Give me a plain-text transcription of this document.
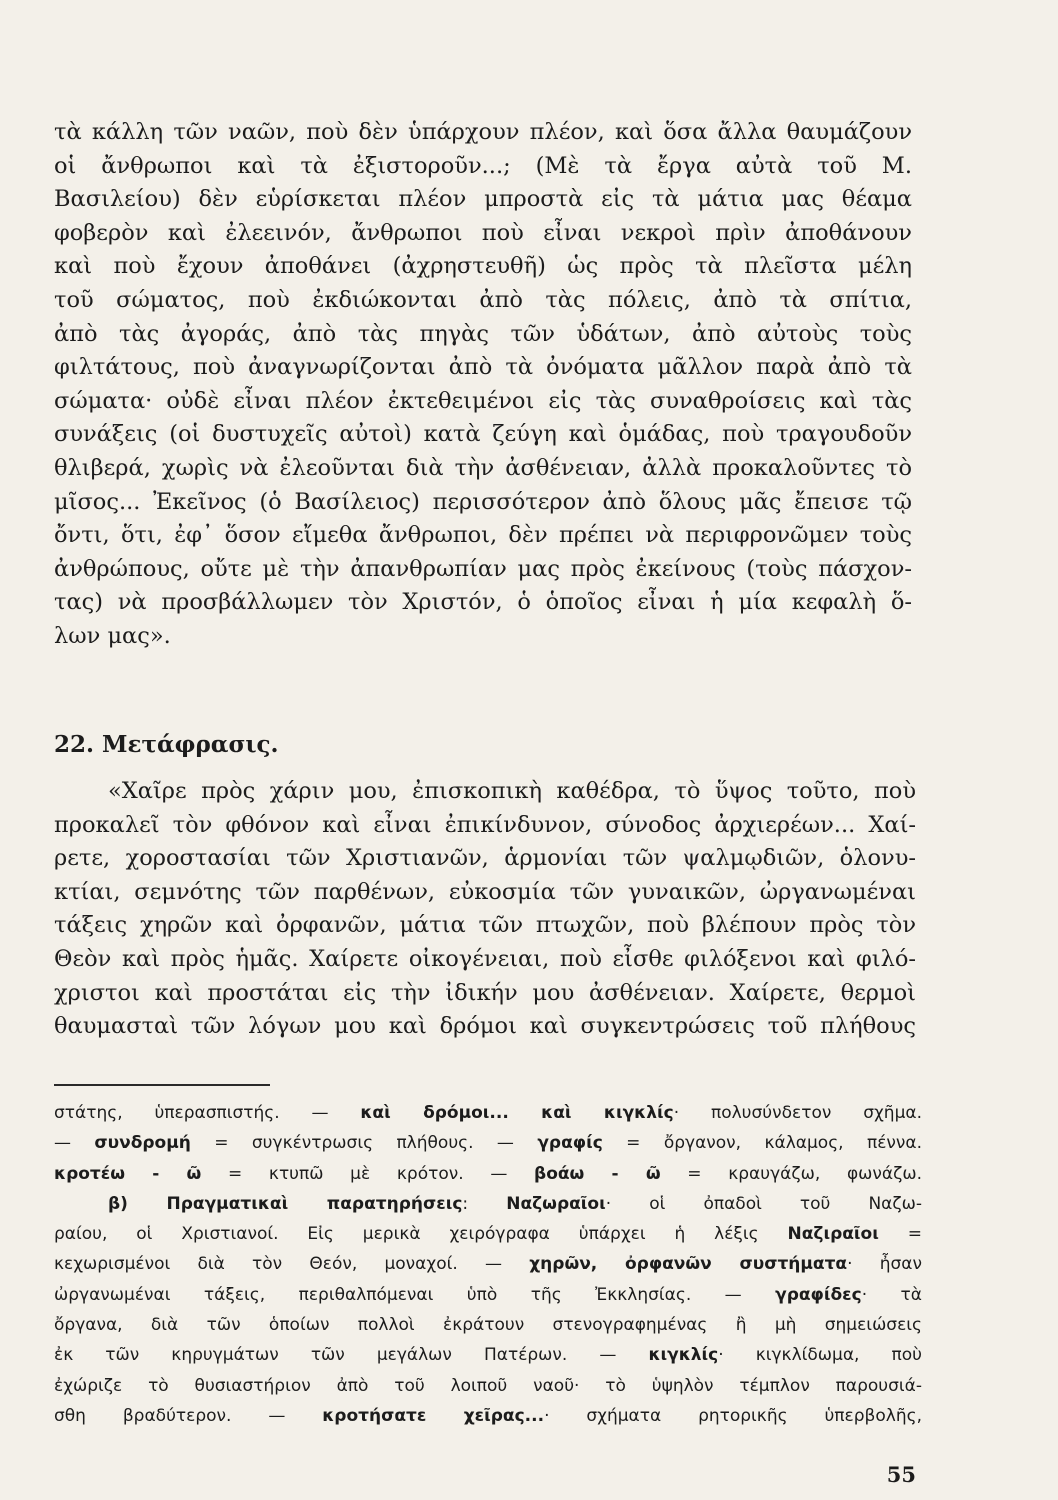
τὰ κάλλη τῶν ναῶν, ποὺ δὲν ὑπάρχουν πλέον, καὶ ὅσα ἄλλα θαυμάζουν
οἱ ἄνθρωποι καὶ τὰ ἐξιστοροῦν...; (Μὲ τὰ ἔργα αὐτὰ τοῦ Μ.
Βασιλείου) δὲν εὑρίσκεται πλέον μπροστὰ εἰς τὰ μάτια μας θέαμα
φοβερὸν καὶ ἐλεεινόν, ἄνθρωποι ποὺ εἶναι νεκροὶ πρὶν ἀποθάνουν
καὶ ποὺ ἔχουν ἀποθάνει (ἀχρηστευθῆ) ὡς πρὸς τὰ πλεῖστα μέλη
τοῦ σώματος, ποὺ ἐκδιώκονται ἀπὸ τὰς πόλεις, ἀπὸ τὰ σπίτια,
ἀπὸ τὰς ἀγοράς, ἀπὸ τὰς πηγὰς τῶν ὑδάτων, ἀπὸ αὐτοὺς τοὺς
φιλτάτους, ποὺ ἀναγνωρίζονται ἀπὸ τὰ ὀνόματα μᾶλλον παρὰ ἀπὸ τὰ
σώματα· οὐδὲ εἶναι πλέον ἐκτεθειμένοι εἰς τὰς συναθροίσεις καὶ τὰς
συνάξεις (οἱ δυστυχεῖς αὐτοὶ) κατὰ ζεύγη καὶ ὁμάδας, ποὺ τραγουδοῦν
θλιβερά, χωρὶς νὰ ἐλεοῦνται διὰ τὴν ἀσθένειαν, ἀλλὰ προκαλοῦντες τὸ
μῖσος... Ἐκεῖνος (ὁ Βασίλειος) περισσότερον ἀπὸ ὅλους μᾶς ἔπεισε τῷ
ὄντι, ὅτι, ἐφ᾽ ὅσον εἴμεθα ἄνθρωποι, δὲν πρέπει νὰ περιφρονῶμεν τοὺς
ἀνθρώπους, οὔτε μὲ τὴν ἀπανθρωπίαν μας πρὸς ἐκείνους (τοὺς πάσχον-
τας) νὰ προσβάλλωμεν τὸν Χριστόν, ὁ ὁποῖος εἶναι ἡ μία κεφαλὴ ὅ-
λων μας».
22. Μετάφρασις.
«Χαῖρε πρὸς χάριν μου, ἐπισκοπικὴ καθέδρα, τὸ ὕψος τοῦτο, ποὺ
προκαλεῖ τὸν φθόνον καὶ εἶναι ἐπικίνδυνον, σύνοδος ἀρχιερέων... Χαί-
ρετε, χοροστασίαι τῶν Χριστιανῶν, ἁρμονίαι τῶν ψαλμῳδιῶν, ὁλονυ-
κτίαι, σεμνότης τῶν παρθένων, εὐκοσμία τῶν γυναικῶν, ὠργανωμέναι
τάξεις χηρῶν καὶ ὀρφανῶν, μάτια τῶν πτωχῶν, ποὺ βλέπουν πρὸς τὸν
Θεὸν καὶ πρὸς ἡμᾶς. Χαίρετε οἰκογένειαι, ποὺ εἶσθε φιλόξενοι καὶ φιλό-
χριστοι καὶ προστάται εἰς τὴν ἰδικήν μου ἀσθένειαν. Χαίρετε, θερμοὶ
θαυμασταὶ τῶν λόγων μου καὶ δρόμοι καὶ συγκεντρώσεις τοῦ πλήθους
στάτης, ὑπερασπιστής. — καὶ δρόμοι... καὶ κιγκλίς· πολυσύνδετον σχῆμα.
— συνδρομή = συγκέντρωσις πλήθους. — γραφίς = ὄργανον, κάλαμος, πέννα.
κροτέω - ῶ = κτυπῶ μὲ κρότον. — βοάω - ῶ = κραυγάζω, φωνάζω.
β) Πραγματικαὶ παρατηρήσεις: Ναζωραῖοι· οἱ ὀπαδοὶ τοῦ Ναζω-
ραίου, οἱ Χριστιανοί. Εἰς μερικὰ χειρόγραφα ὑπάρχει ἡ λέξις Ναζιραῖοι =
κεχωρισμένοι διὰ τὸν Θεόν, μοναχοί. — χηρῶν, ὀρφανῶν συστήματα· ἦσαν
ὠργανωμέναι τάξεις, περιθαλπόμεναι ὑπὸ τῆς Ἐκκλησίας. — γραφίδες· τὰ
ὄργανα, διὰ τῶν ὁποίων πολλοὶ ἐκράτουν στενογραφημένας ἢ μὴ σημειώσεις
ἐκ τῶν κηρυγμάτων τῶν μεγάλων Πατέρων. — κιγκλίς· κιγκλίδωμα, ποὺ
ἐχώριζε τὸ θυσιαστήριον ἀπὸ τοῦ λοιποῦ ναοῦ· τὸ ὑψηλὸν τέμπλον παρουσιά-
σθη βραδύτερον. — κροτήσατε χεῖρας...· σχήματα ρητορικῆς ὑπερβολῆς,
55
